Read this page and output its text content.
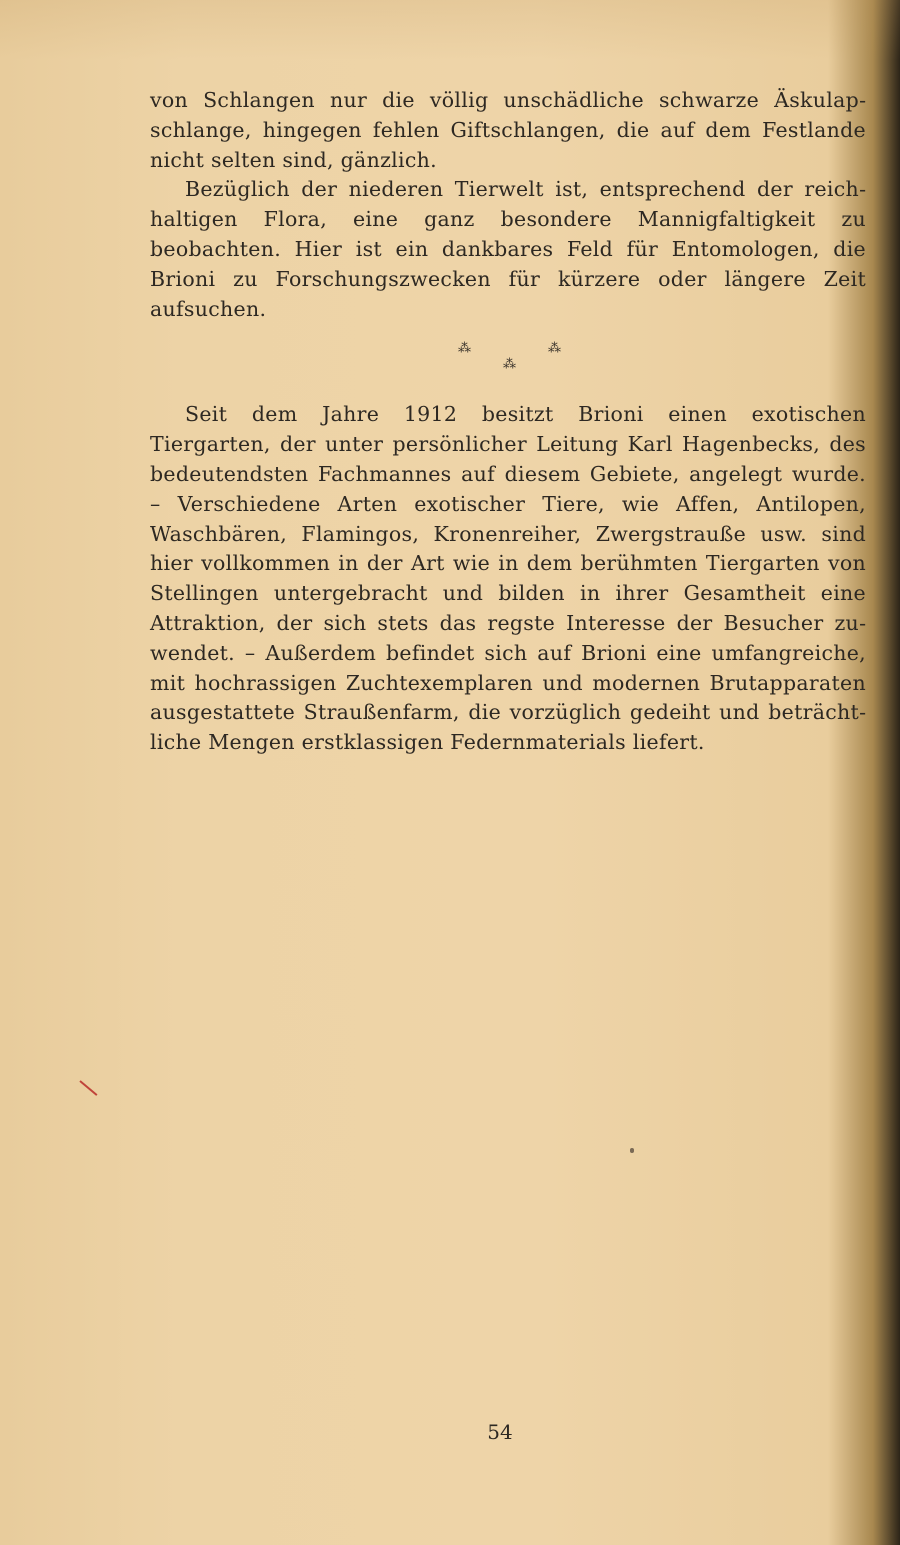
von Schlangen nur die völlig unschädliche schwarze Äskulapschlange, hingegen fehlen Giftschlangen, die auf dem Festlande nicht selten sind, gänzlich.

Bezüglich der niederen Tierwelt ist, entsprechend der reichhaltigen Flora, eine ganz besondere Mannigfaltigkeit zu beobachten. Hier ist ein dankbares Feld für Entomologen, die Brioni zu Forschungszwecken für kürzere oder längere Zeit aufsuchen.

⁂	⁂
⁂

Seit dem Jahre 1912 besitzt Brioni einen exotischen Tiergarten, der unter persönlicher Leitung Karl Hagenbecks, des bedeutendsten Fachmannes auf diesem Gebiete, angelegt wurde. – Verschiedene Arten exotischer Tiere, wie Affen, Antilopen, Waschbären, Flamingos, Kronenreiher, Zwergstrauße usw. sind hier vollkommen in der Art wie in dem berühmten Tiergarten von Stellingen untergebracht und bilden in ihrer Gesamtheit eine Attraktion, der sich stets das regste Interesse der Besucher zuwendet. – Außerdem befindet sich auf Brioni eine umfangreiche, mit hochrassigen Zuchtexemplaren und modernen Brutapparaten ausgestattete Straußenfarm, die vorzüglich gedeiht und beträchtliche Mengen erstklassigen Federnmaterials liefert.

54
